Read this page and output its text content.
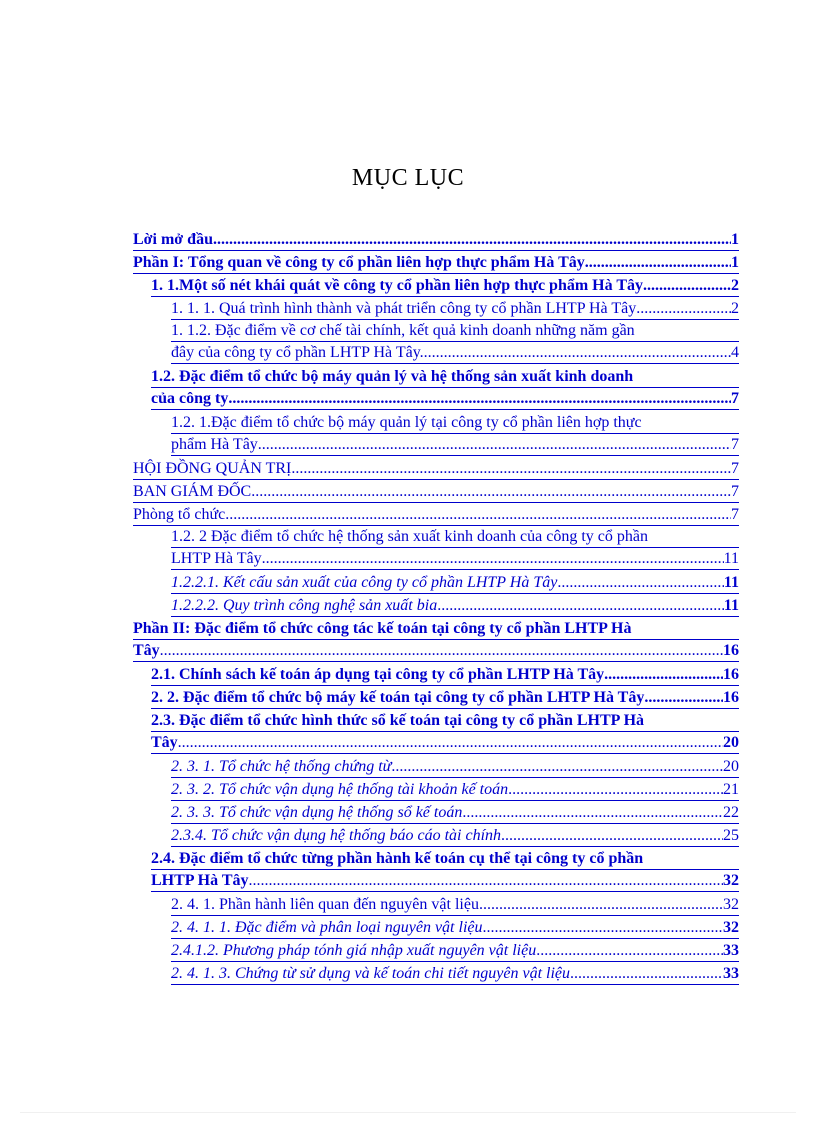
MỤC LỤC
Lời mở đầu .....	1
Phần I: Tổng quan về công ty cổ phần liên hợp thực phẩm Hà Tây .....	1
1. 1.Một số nét khái quát về công ty cổ phần liên hợp thực phẩm Hà Tây .....	2
1. 1. 1. Quá trình hình thành và phát triển công ty cổ phần LHTP Hà Tây .....	2
1. 1.2. Đặc điểm về cơ chế tài chính, kết quả kinh doanh những năm gần
đây của công ty cổ phần LHTP Hà Tây. .....	4
1.2. Đặc điểm tổ chức bộ máy quản lý và hệ thống sản xuất kinh doanh
của công ty .....	7
1.2. 1.Đặc điểm tổ chức bộ máy quản lý tại công ty cổ phần liên hợp thực
phẩm Hà Tây .....	7
HỘI ĐỒNG QUẢN TRỊ .....	7
BAN GIÁM ĐỐC .....	7
Phòng tổ chức .....	7
1.2. 2 Đặc điểm tổ chức hệ thống sản xuất kinh doanh của công ty cổ phần
LHTP Hà Tây .....	11
1.2.2.1. Kết cấu sản xuất của công ty cổ phần LHTP Hà Tây .....	11
1.2.2.2. Quy trình công nghệ sản xuất bia .....	11
Phần II: Đặc điểm tổ chức công tác kế toán tại công ty cổ phần LHTP Hà
Tây .....	16
2.1. Chính sách kế toán áp dụng tại công ty cổ phần LHTP Hà Tây .....	16
2. 2. Đặc điểm tổ chức bộ máy kế toán tại công ty cổ phần LHTP Hà Tây .....	16
2.3. Đặc điểm tổ chức hình thức sổ kế toán tại công ty cổ phần LHTP Hà
Tây .....	20
2. 3. 1. Tổ chức hệ thống chứng từ .....	20
2. 3. 2. Tổ chức vận dụng hệ thống tài khoản kế toán .....	21
2. 3. 3. Tổ chức vận dụng hệ thống sổ kế toán .....	22
2.3.4. Tổ chức vận dụng hệ thống báo cáo tài chính .....	25
2.4. Đặc điểm tổ chức từng phần hành kế toán cụ thể tại công ty cổ phần
LHTP Hà Tây .....	32
2. 4. 1. Phần hành liên quan đến nguyên vật liệu .....	32
2. 4. 1. 1. Đặc điểm và phân loại nguyên vật liệu .....	32
2.4.1.2. Phương pháp tónh giá nhập xuất nguyên vật liệu .....	33
2. 4. 1. 3. Chứng từ sử dụng và kế toán chi tiết nguyên vật liệu .....	33
